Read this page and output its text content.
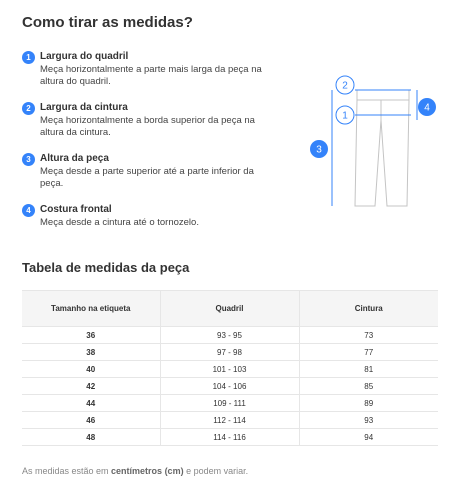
Como tirar as medidas?
1 Largura do quadril
Meça horizontalmente a parte mais larga da peça na altura do quadril.
2 Largura da cintura
Meça horizontalmente a borda superior da peça na altura da cintura.
3 Altura da peça
Meça desde a parte superior até a parte inferior da peça.
4 Costura frontal
Meça desde a cintura até o tornozelo.
2
1
4
3
Tabela de medidas da peça
Tamanho na etiqueta	Quadril	Cintura
36	93 - 95	73
38	97 - 98	77
40	101 - 103	81
42	104 - 106	85
44	109 - 111	89
46	112 - 114	93
48	114 - 116	94
As medidas estão em centímetros (cm) e podem variar.
